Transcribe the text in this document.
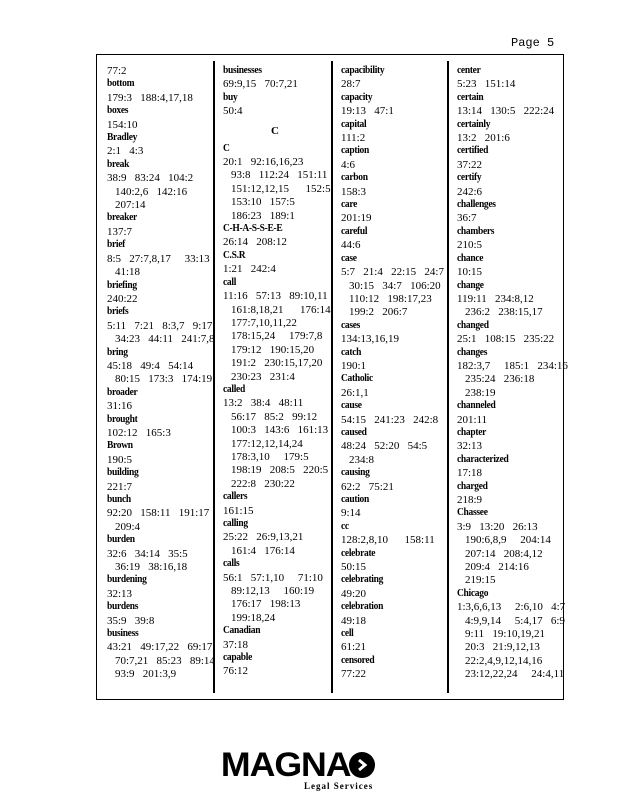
Page 5
77:2
bottom
179:3   188:4,17,18
boxes
154:10
Bradley
2:1   4:3
break
38:9   83:24   104:2
140:2,6   142:16
207:14
breaker
137:7
brief
8:5   27:7,8,17     33:13
41:18
briefing
240:22
briefs
5:11   7:21   8:3,7   9:17
34:23   44:11   241:7,8
bring
45:18   49:4   54:14
80:15   173:3   174:19
broader
31:16
brought
102:12   165:3
Brown
190:5
building
221:7
bunch
92:20   158:11   191:17
209:4
burden
32:6   34:14   35:5
36:19   38:16,18
burdening
32:13
burdens
35:9   39:8
business
43:21   49:17,22   69:17
70:7,21   85:23   89:14
93:9   201:3,9
businesses
69:9,15   70:7,21
buy
50:4
C
C
20:1   92:16,16,23
93:8   112:24   151:11
151:12,12,15      152:5
153:10   157:5
186:23   189:1
C-H-A-S-S-E-E
26:14   208:12
C.S.R
1:21   242:4
call
11:16   57:13   89:10,11
161:8,18,21      176:14
177:7,10,11,22
178:15,24     179:7,8
179:12   190:15,20
191:2   230:15,17,20
230:23   231:4
called
13:2   38:4   48:11
56:17   85:2   99:12
100:3   143:6   161:13
177:12,12,14,24
178:3,10     179:5
198:19   208:5   220:5
222:8   230:22
callers
161:15
calling
25:22   26:9,13,21
161:4   176:14
calls
56:1   57:1,10     71:10
89:12,13     160:19
176:17   198:13
199:18,24
Canadian
37:18
capable
76:12
capacibility
28:7
capacity
19:13   47:1
capital
111:2
caption
4:6
carbon
158:3
care
201:19
careful
44:6
case
5:7   21:4   22:15   24:7
30:15   34:7   106:20
110:12   198:17,23
199:2   206:7
cases
134:13,16,19
catch
190:1
Catholic
26:1,1
cause
54:15   241:23   242:8
caused
48:24   52:20   54:5
234:8
causing
62:2   75:21
caution
9:14
cc
128:2,8,10      158:11
celebrate
50:15
celebrating
49:20
celebration
49:18
cell
61:21
censored
77:22
center
5:23   151:14
certain
13:14   130:5   222:24
certainly
13:2   201:6
certified
37:22
certify
242:6
challenges
36:7
chambers
210:5
chance
10:15
change
119:11   234:8,12
236:2   238:15,17
changed
25:1   108:15   235:22
changes
182:3,7     185:1   234:16
235:24   236:18
238:19
channeled
201:11
chapter
32:13
characterized
17:18
charged
218:9
Chassee
3:9   13:20   26:13
190:6,8,9     204:14
207:14   208:4,12
209:4   214:16
219:15
Chicago
1:3,6,6,13     2:6,10   4:7
4:9,9,14     5:4,17   6:9
9:11   19:10,19,21
20:3   21:9,12,13
22:2,4,9,12,14,16
23:12,22,24     24:4,11
MAGNA
Legal Services
